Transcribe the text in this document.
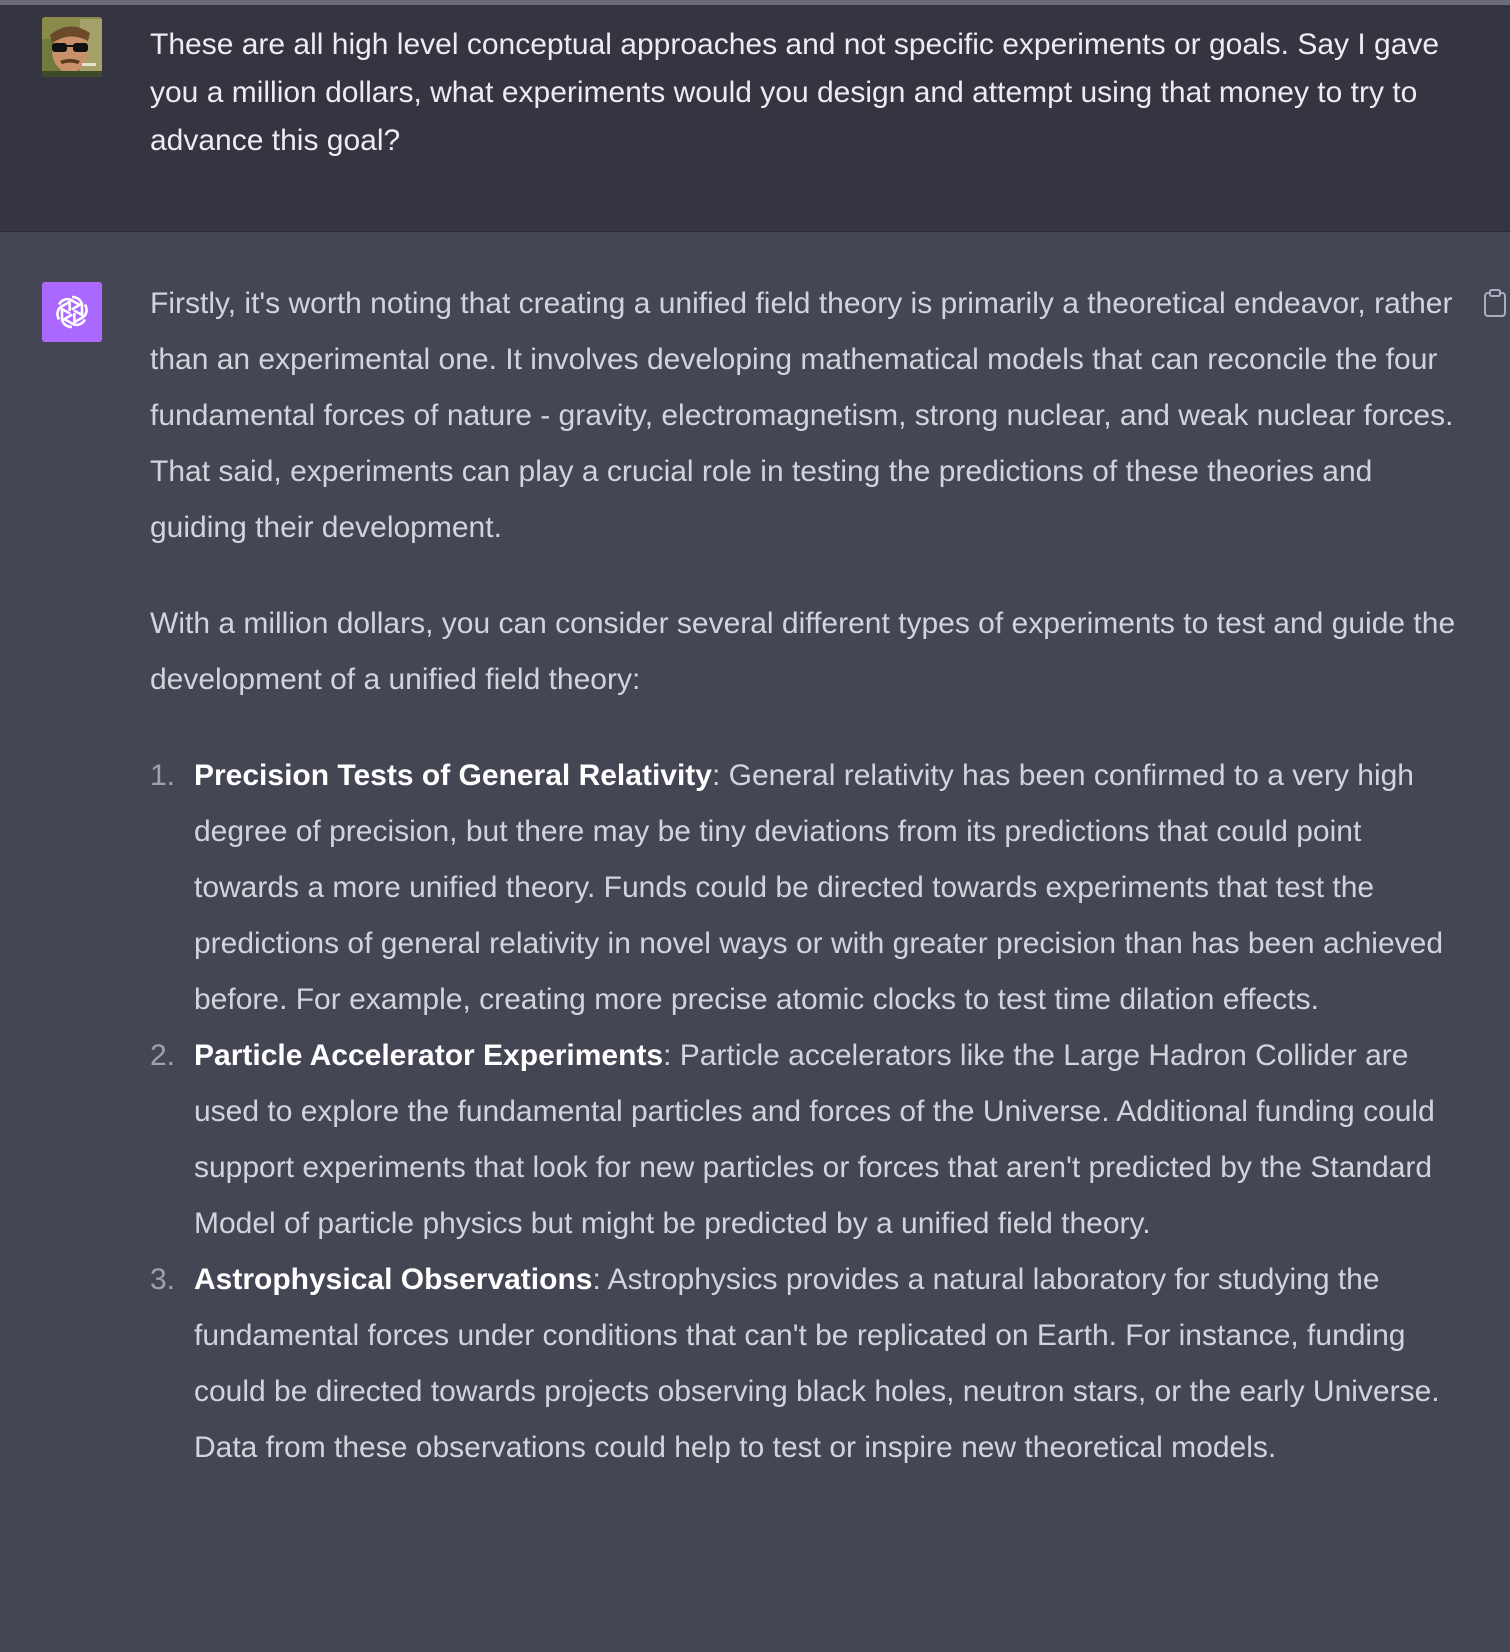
These are all high level conceptual approaches and not specific experiments or goals. Say I gave you a million dollars, what experiments would you design and attempt using that money to try to advance this goal?

Firstly, it's worth noting that creating a unified field theory is primarily a theoretical endeavor, rather than an experimental one. It involves developing mathematical models that can reconcile the four fundamental forces of nature - gravity, electromagnetism, strong nuclear, and weak nuclear forces. That said, experiments can play a crucial role in testing the predictions of these theories and guiding their development.

With a million dollars, you can consider several different types of experiments to test and guide the development of a unified field theory:

1. Precision Tests of General Relativity: General relativity has been confirmed to a very high degree of precision, but there may be tiny deviations from its predictions that could point towards a more unified theory. Funds could be directed towards experiments that test the predictions of general relativity in novel ways or with greater precision than has been achieved before. For example, creating more precise atomic clocks to test time dilation effects.
2. Particle Accelerator Experiments: Particle accelerators like the Large Hadron Collider are used to explore the fundamental particles and forces of the Universe. Additional funding could support experiments that look for new particles or forces that aren't predicted by the Standard Model of particle physics but might be predicted by a unified field theory.
3. Astrophysical Observations: Astrophysics provides a natural laboratory for studying the fundamental forces under conditions that can't be replicated on Earth. For instance, funding could be directed towards projects observing black holes, neutron stars, or the early Universe. Data from these observations could help to test or inspire new theoretical models.
